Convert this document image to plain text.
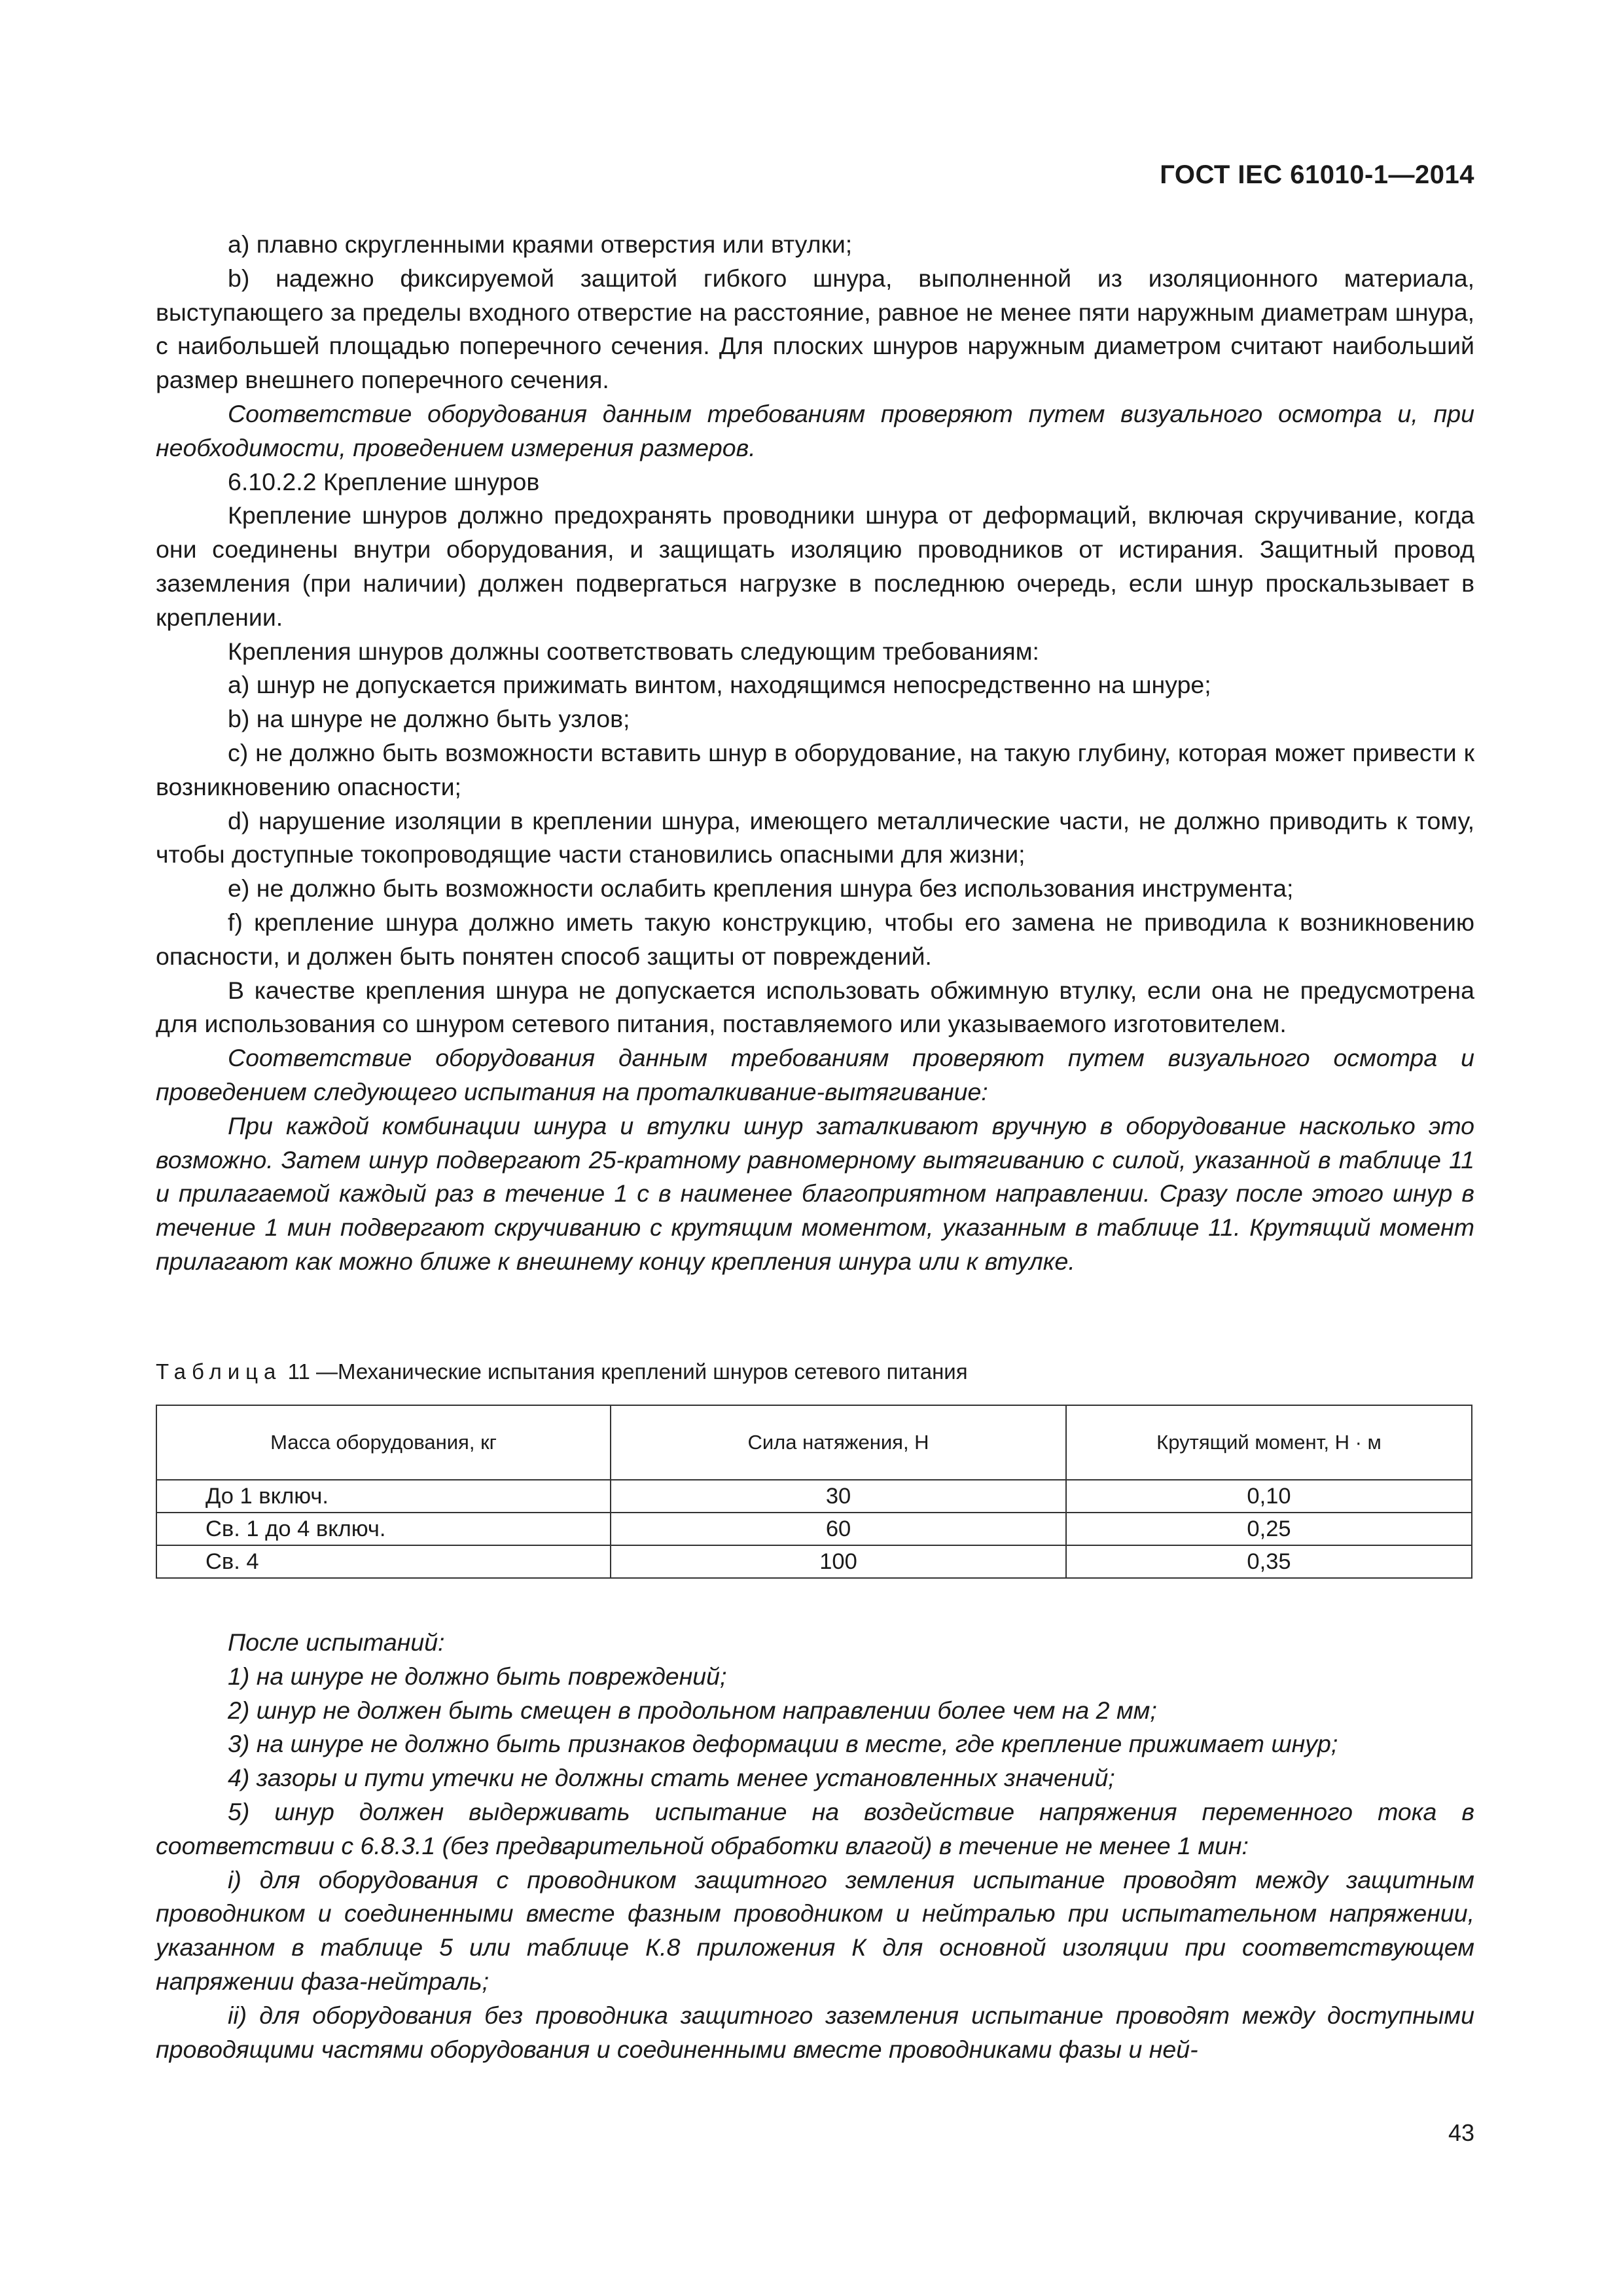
ГОСТ IEC 61010-1—2014

a) плавно скругленными краями отверстия или втулки;

b) надежно фиксируемой защитой гибкого шнура, выполненной из изоляционного материала, выступающего за пределы входного отверстие на расстояние, равное не менее пяти наружным диаметрам шнура, с наибольшей площадью поперечного сечения. Для плоских шнуров наружным диаметром считают наибольший размер внешнего поперечного сечения.

Соответствие оборудования данным требованиям проверяют путем визуального осмотра и, при необходимости, проведением измерения размеров.

6.10.2.2 Крепление шнуров

Крепление шнуров должно предохранять проводники шнура от деформаций, включая скручивание, когда они соединены внутри оборудования, и защищать изоляцию проводников от истирания. Защитный провод заземления (при наличии) должен подвергаться нагрузке в последнюю очередь, если шнур проскальзывает в креплении.

Крепления шнуров должны соответствовать следующим требованиям:

a) шнур не допускается прижимать винтом, находящимся непосредственно на шнуре;

b) на шнуре не должно быть узлов;

c) не должно быть возможности вставить шнур в оборудование, на такую глубину, которая может привести к возникновению опасности;

d) нарушение изоляции в креплении шнура, имеющего металлические части, не должно приводить к тому, чтобы доступные токопроводящие части становились опасными для жизни;

e) не должно быть возможности ослабить крепления шнура без использования инструмента;

f) крепление шнура должно иметь такую конструкцию, чтобы его замена не приводила к возникновению опасности, и должен быть понятен способ защиты от повреждений.

В качестве крепления шнура не допускается использовать обжимную втулку, если она не предусмотрена для использования со шнуром сетевого питания, поставляемого или указываемого изготовителем.

Соответствие оборудования данным требованиям проверяют путем визуального осмотра и проведением следующего испытания на проталкивание-вытягивание:

При каждой комбинации шнура и втулки шнур заталкивают вручную в оборудование насколько это возможно. Затем шнур подвергают 25-кратному равномерному вытягиванию с силой, указанной в таблице 11 и прилагаемой каждый раз в течение 1 с в наименее благоприятном направлении. Сразу после этого шнур в течение 1 мин подвергают скручиванию с крутящим моментом, указанным в таблице 11. Крутящий момент прилагают как можно ближе к внешнему концу крепления шнура или к втулке.

Таблица 11 —Механические испытания креплений шнуров сетевого питания
Масса оборудования, кг	Сила натяжения, Н	Крутящий момент, Н · м
До 1 включ.	30	0,10
Св. 1 до 4 включ.	60	0,25
Св. 4	100	0,35

После испытаний:

1) на шнуре не должно быть повреждений;

2) шнур не должен быть смещен в продольном направлении более чем на 2 мм;

3) на шнуре не должно быть признаков деформации в месте, где крепление прижимает шнур;

4) зазоры и пути утечки не должны стать менее установленных значений;

5) шнур должен выдерживать испытание на воздействие напряжения переменного тока в соответствии с 6.8.3.1 (без предварительной обработки влагой) в течение не менее 1 мин:

i) для оборудования с проводником защитного земления испытание проводят между защитным проводником и соединенными вместе фазным проводником и нейтралью при испытательном напряжении, указанном в таблице 5 или таблице К.8 приложения К для основной изоляции при соответствующем напряжении фаза-нейтраль;

ii) для оборудования без проводника защитного заземления испытание проводят между доступными проводящими частями оборудования и соединенными вместе проводниками фазы и ней-

43
